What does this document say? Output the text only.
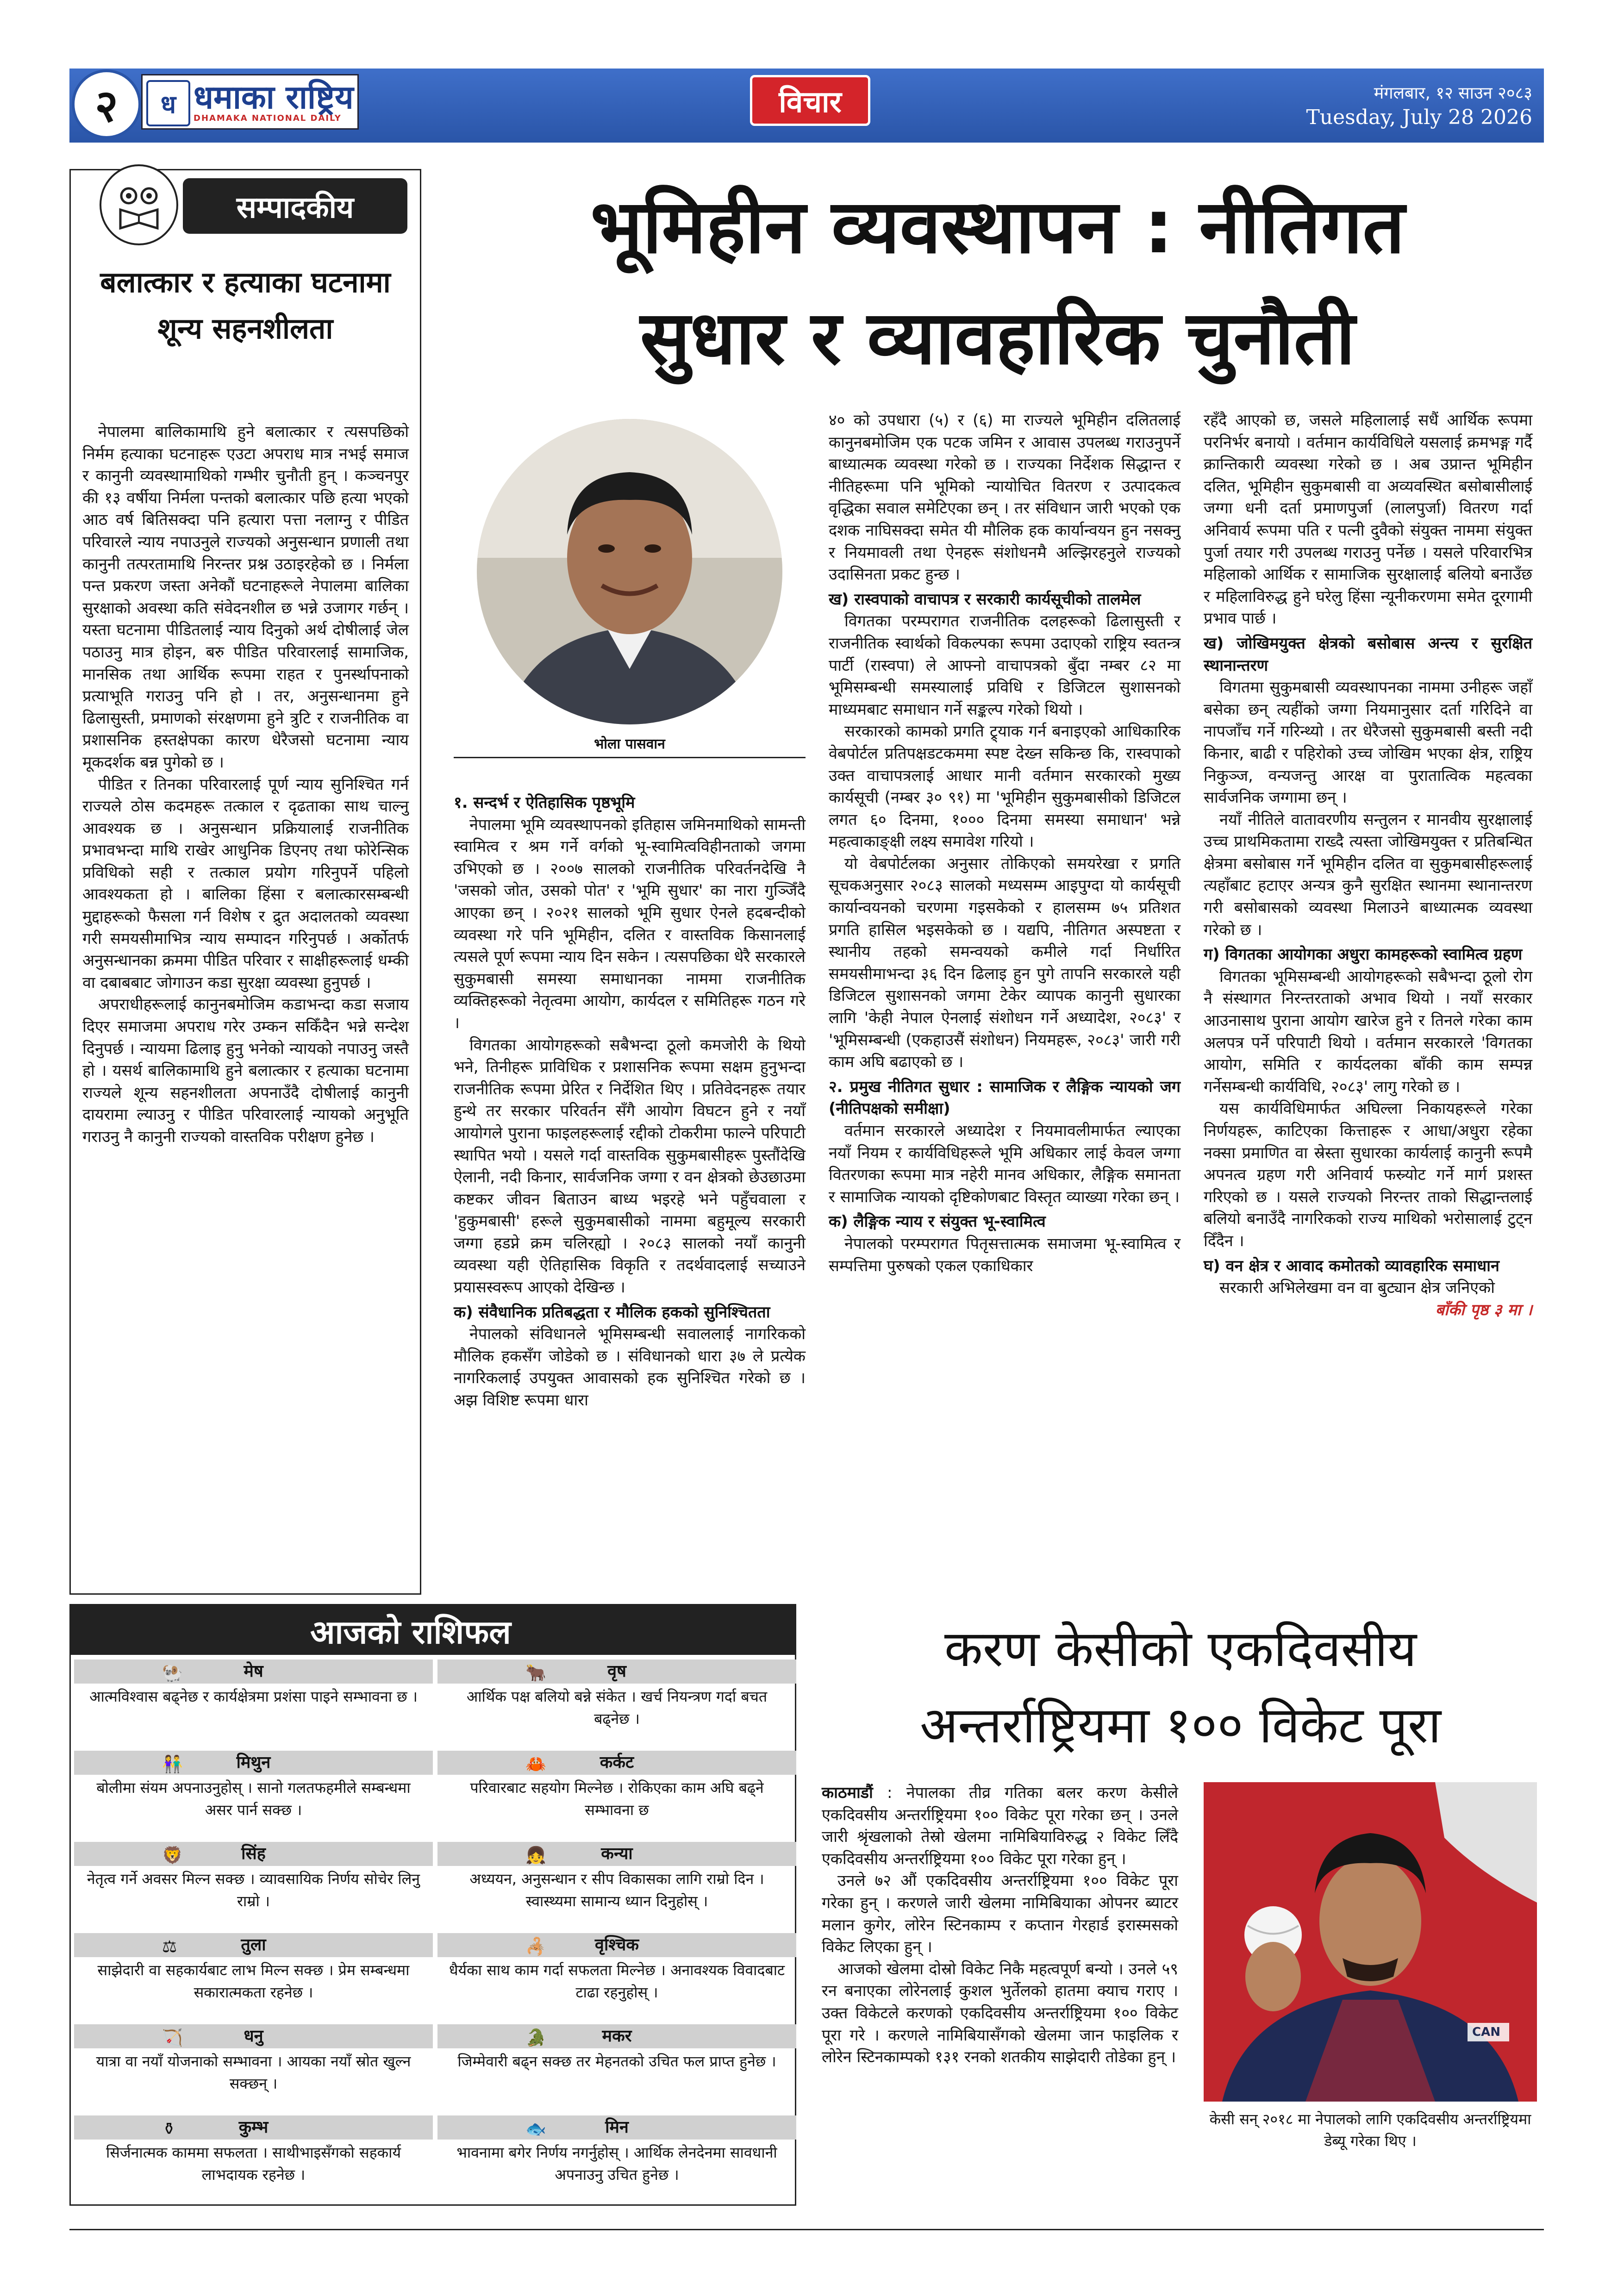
२	ध धमाका राष्ट्रिय
DHAMAKA NATIONAL DAILY	विचार	मंगलबार, १२ साउन २०८३
Tuesday, July 28 2026
सम्पादकीय
बलात्कार र हत्याका घटनामा शून्य सहनशीलता

नेपालमा बालिकामाथि हुने बलात्कार र त्यसपछिको निर्मम हत्याका घटनाहरू एउटा अपराध मात्र नभई समाज र कानुनी व्यवस्थामाथिको गम्भीर चुनौती हुन् । कञ्चनपुर की १३ वर्षीया निर्मला पन्तको बलात्कार पछि हत्या भएको आठ वर्ष बितिसक्दा पनि हत्यारा पत्ता नलाग्नु र पीडित परिवारले न्याय नपाउनुले राज्यको अनुसन्धान प्रणाली तथा कानुनी तत्परतामाथि निरन्तर प्रश्न उठाइरहेको छ । निर्मला पन्त प्रकरण जस्ता अनेकौं घटनाहरूले नेपालमा बालिका सुरक्षाको अवस्था कति संवेदनशील छ भन्ने उजागर गर्छन् । यस्ता घटनामा पीडितलाई न्याय दिनुको अर्थ दोषीलाई जेल पठाउनु मात्र होइन, बरु पीडित परिवारलाई सामाजिक, मानसिक तथा आर्थिक रूपमा राहत र पुनर्स्थापनाको प्रत्याभूति गराउनु पनि हो । तर, अनुसन्धानमा हुने ढिलासुस्ती, प्रमाणको संरक्षणमा हुने त्रुटि र राजनीतिक वा प्रशासनिक हस्तक्षेपका कारण धेरैजसो घटनामा न्याय मूकदर्शक बन्न पुगेको छ ।

पीडित र तिनका परिवारलाई पूर्ण न्याय सुनिश्चित गर्न राज्यले ठोस कदमहरू तत्काल र दृढताका साथ चाल्नु आवश्यक छ । अनुसन्धान प्रक्रियालाई राजनीतिक प्रभावभन्दा माथि राखेर आधुनिक डिएनए तथा फोरेन्सिक प्रविधिको सही र तत्काल प्रयोग गरिनुपर्ने पहिलो आवश्यकता हो । बालिका हिंसा र बलात्कारसम्बन्धी मुद्दाहरूको फैसला गर्न विशेष र द्रुत अदालतको व्यवस्था गरी समयसीमाभित्र न्याय सम्पादन गरिनुपर्छ । अर्कोतर्फ अनुसन्धानका क्रममा पीडित परिवार र साक्षीहरूलाई धम्की वा दबाबबाट जोगाउन कडा सुरक्षा व्यवस्था हुनुपर्छ ।

अपराधीहरूलाई कानुनबमोजिम कडाभन्दा कडा सजाय दिएर समाजमा अपराध गरेर उम्कन सकिँदैन भन्ने सन्देश दिनुपर्छ । न्यायमा ढिलाइ हुनु भनेको न्यायको नपाउनु जस्तै हो । यसर्थ बालिकामाथि हुने बलात्कार र हत्याका घटनामा राज्यले शून्य सहनशीलता अपनाउँदै दोषीलाई कानुनी दायरामा ल्याउनु र पीडित परिवारलाई न्यायको अनुभूति गराउनु नै कानुनी राज्यको वास्तविक परीक्षण हुनेछ ।

भूमिहीन व्यवस्थापन : नीतिगत
सुधार र व्यावहारिक चुनौती
भोला पासवान

१. सन्दर्भ र ऐतिहासिक पृष्ठभूमि

नेपालमा भूमि व्यवस्थापनको इतिहास जमिनमाथिको सामन्ती स्वामित्व र श्रम गर्ने वर्गको भू-स्वामित्वविहीनताको जगमा उभिएको छ । २००७ सालको राजनीतिक परिवर्तनदेखि नै 'जसको जोत, उसको पोत' र 'भूमि सुधार' का नारा गुञ्जिँदै आएका छन् । २०२१ सालको भूमि सुधार ऐनले हदबन्दीको व्यवस्था गरे पनि भूमिहीन, दलित र वास्तविक किसानलाई त्यसले पूर्ण रूपमा न्याय दिन सकेन । त्यसपछिका धेरै सरकारले सुकुमबासी समस्या समाधानका नाममा राजनीतिक व्यक्तिहरूको नेतृत्वमा आयोग, कार्यदल र समितिहरू गठन गरे ।

विगतका आयोगहरूको सबैभन्दा ठूलो कमजोरी के थियो भने, तिनीहरू प्राविधिक र प्रशासनिक रूपमा सक्षम हुनुभन्दा राजनीतिक रूपमा प्रेरित र निर्देशित थिए । प्रतिवेदनहरू तयार हुन्थे तर सरकार परिवर्तन सँगै आयोग विघटन हुने र नयाँ आयोगले पुराना फाइलहरूलाई रद्दीको टोकरीमा फाल्ने परिपाटी स्थापित भयो । यसले गर्दा वास्तविक सुकुमबासीहरू पुस्तौंदेखि ऐलानी, नदी किनार, सार्वजनिक जग्गा र वन क्षेत्रको छेउछाउमा कष्टकर जीवन बिताउन बाध्य भइरहे भने पहुँचवाला र 'हुकुमबासी' हरूले सुकुमबासीको नाममा बहुमूल्य सरकारी जग्गा हडप्ने क्रम चलिरह्यो । २०८३ सालको नयाँ कानुनी व्यवस्था यही ऐतिहासिक विकृति र तदर्थवादलाई सच्याउने प्रयासस्वरूप आएको देखिन्छ ।

क) संवैधानिक प्रतिबद्धता र मौलिक हकको सुनिश्चितता

नेपालको संविधानले भूमिसम्बन्धी सवाललाई नागरिकको मौलिक हकसँग जोडेको छ । संविधानको धारा ३७ ले प्रत्येक नागरिकलाई उपयुक्त आवासको हक सुनिश्चित गरेको छ । अझ विशिष्ट रूपमा धारा

४० को उपधारा (५) र (६) मा राज्यले भूमिहीन दलितलाई कानुनबमोजिम एक पटक जमिन र आवास उपलब्ध गराउनुपर्ने बाध्यात्मक व्यवस्था गरेको छ । राज्यका निर्देशक सिद्धान्त र नीतिहरूमा पनि भूमिको न्यायोचित वितरण र उत्पादकत्व वृद्धिका सवाल समेटिएका छन् । तर संविधान जारी भएको एक दशक नाघिसक्दा समेत यी मौलिक हक कार्यान्वयन हुन नसक्नु र नियमावली तथा ऐनहरू संशोधनमै अल्झिरहनुले राज्यको उदासिनता प्रकट हुन्छ ।

ख) रास्वपाको वाचापत्र र सरकारी कार्यसूचीको तालमेल

विगतका परम्परागत राजनीतिक दलहरूको ढिलासुस्ती र राजनीतिक स्वार्थको विकल्पका रूपमा उदाएको राष्ट्रिय स्वतन्त्र पार्टी (रास्वपा) ले आफ्नो वाचापत्रको बुँदा नम्बर ८२ मा भूमिसम्बन्धी समस्यालाई प्रविधि र डिजिटल सुशासनको माध्यमबाट समाधान गर्ने सङ्कल्प गरेको थियो ।

सरकारको कामको प्रगति ट्र्याक गर्न बनाइएको आधिकारिक वेबपोर्टल प्रतिपक्षडटकममा स्पष्ट देख्न सकिन्छ कि, रास्वपाको उक्त वाचापत्रलाई आधार मानी वर्तमान सरकारको मुख्य कार्यसूची (नम्बर ३० ९१) मा 'भूमिहीन सुकुमबासीको डिजिटल लगत ६० दिनमा, १००० दिनमा समस्या समाधान' भन्ने महत्वाकाङ्क्षी लक्ष्य समावेश गरियो ।

यो वेबपोर्टलका अनुसार तोकिएको समयरेखा र प्रगति सूचकअनुसार २०८३ सालको मध्यसम्म आइपुग्दा यो कार्यसूची कार्यान्वयनको चरणमा गइसकेको र हालसम्म ७५ प्रतिशत प्रगति हासिल भइसकेको छ । यद्यपि, नीतिगत अस्पष्टता र स्थानीय तहको समन्वयको कमीले गर्दा निर्धारित समयसीमाभन्दा ३६ दिन ढिलाइ हुन पुगे तापनि सरकारले यही डिजिटल सुशासनको जगमा टेकेर व्यापक कानुनी सुधारका लागि 'केही नेपाल ऐनलाई संशोधन गर्ने अध्यादेश, २०८३' र 'भूमिसम्बन्धी (एकहाउसैं संशोधन) नियमहरू, २०८३' जारी गरी काम अघि बढाएको छ ।

२. प्रमुख नीतिगत सुधार : सामाजिक र लैङ्गिक न्यायको जग (नीतिपक्षको समीक्षा)

वर्तमान सरकारले अध्यादेश र नियमावलीमार्फत ल्याएका नयाँ नियम र कार्यविधिहरूले भूमि अधिकार लाई केवल जग्गा वितरणका रूपमा मात्र नहेरी मानव अधिकार, लैङ्गिक समानता र सामाजिक न्यायको दृष्टिकोणबाट विस्तृत व्याख्या गरेका छन् ।

क) लैङ्गिक न्याय र संयुक्त भू-स्वामित्व

नेपालको परम्परागत पितृसत्तात्मक समाजमा भू-स्वामित्व र सम्पत्तिमा पुरुषको एकल एकाधिकार

रहँदै आएको छ, जसले महिलालाई सधैं आर्थिक रूपमा परनिर्भर बनायो । वर्तमान कार्यविधिले यसलाई क्रमभङ्ग गर्दै क्रान्तिकारी व्यवस्था गरेको छ । अब उप्रान्त भूमिहीन दलित, भूमिहीन सुकुमबासी वा अव्यवस्थित बसोबासीलाई जग्गा धनी दर्ता प्रमाणपुर्जा (लालपुर्जा) वितरण गर्दा अनिवार्य रूपमा पति र पत्नी दुवैको संयुक्त नाममा संयुक्त पुर्जा तयार गरी उपलब्ध गराउनु पर्नेछ । यसले परिवारभित्र महिलाको आर्थिक र सामाजिक सुरक्षालाई बलियो बनाउँछ र महिलाविरुद्ध हुने घरेलु हिंसा न्यूनीकरणमा समेत दूरगामी प्रभाव पार्छ ।

ख) जोखिमयुक्त क्षेत्रको बसोबास अन्त्य र सुरक्षित स्थानान्तरण

विगतमा सुकुमबासी व्यवस्थापनका नाममा उनीहरू जहाँ बसेका छन् त्यहींको जग्गा नियमानुसार दर्ता गरिदिने वा नापजाँच गर्ने गरिन्थ्यो । तर धेरैजसो सुकुमबासी बस्ती नदी किनार, बाढी र पहिरोको उच्च जोखिम भएका क्षेत्र, राष्ट्रिय निकुञ्ज, वन्यजन्तु आरक्ष वा पुरातात्विक महत्वका सार्वजनिक जग्गामा छन् ।

नयाँ नीतिले वातावरणीय सन्तुलन र मानवीय सुरक्षालाई उच्च प्राथमिकतामा राख्दै त्यस्ता जोखिमयुक्त र प्रतिबन्धित क्षेत्रमा बसोबास गर्ने भूमिहीन दलित वा सुकुमबासीहरूलाई त्यहाँबाट हटाएर अन्यत्र कुनै सुरक्षित स्थानमा स्थानान्तरण गरी बसोबासको व्यवस्था मिलाउने बाध्यात्मक व्यवस्था गरेको छ ।

ग) विगतका आयोगका अधुरा कामहरूको स्वामित्व ग्रहण

विगतका भूमिसम्बन्धी आयोगहरूको सबैभन्दा ठूलो रोग नै संस्थागत निरन्तरताको अभाव थियो । नयाँ सरकार आउनासाथ पुराना आयोग खारेज हुने र तिनले गरेका काम अलपत्र पर्ने परिपाटी थियो । वर्तमान सरकारले 'विगतका आयोग, समिति र कार्यदलका बाँकी काम सम्पन्न गर्नेसम्बन्धी कार्यविधि, २०८३' लागु गरेको छ ।

यस कार्यविधिमार्फत अघिल्ला निकायहरूले गरेका निर्णयहरू, काटिएका कित्ताहरू र आधा/अधुरा रहेका नक्सा प्रमाणित वा स्रेस्ता सुधारका कार्यलाई कानुनी रूपमै अपनत्व ग्रहण गरी अनिवार्य फस्र्योट गर्ने मार्ग प्रशस्त गरिएको छ । यसले राज्यको निरन्तर ताको सिद्धान्तलाई बलियो बनाउँदै नागरिकको राज्य माथिको भरोसालाई टुट्न दिँदैन ।

घ) वन क्षेत्र र आवाद कमोतको व्यावहारिक समाधान

सरकारी अभिलेखमा वन वा बुट्यान क्षेत्र जनिएको

बाँकी पृष्ठ ३ मा ।

आजको राशिफल
🐏	मेष
आत्मविश्वास बढ्नेछ र कार्यक्षेत्रमा प्रशंसा पाइने सम्भावना छ ।
🐂	वृष
आर्थिक पक्ष बलियो बन्ने संकेत । खर्च नियन्त्रण गर्दा बचत बढ्नेछ ।
👫	मिथुन
बोलीमा संयम अपनाउनुहोस् । सानो गलतफहमीले सम्बन्धमा असर पार्न सक्छ ।
🦀	कर्कट
परिवारबाट सहयोग मिल्नेछ । रोकिएका काम अघि बढ्ने सम्भावना छ
🦁	सिंह
नेतृत्व गर्ने अवसर मिल्न सक्छ । व्यावसायिक निर्णय सोचेर लिनु राम्रो ।
👧	कन्या
अध्ययन, अनुसन्धान र सीप विकासका लागि राम्रो दिन । स्वास्थ्यमा सामान्य ध्यान दिनुहोस् ।
⚖	तुला
साझेदारी वा सहकार्यबाट लाभ मिल्न सक्छ । प्रेम सम्बन्धमा सकारात्मकता रहनेछ ।
🦂	वृश्चिक
धैर्यका साथ काम गर्दा सफलता मिल्नेछ । अनावश्यक विवादबाट टाढा रहनुहोस् ।
🏹	धनु
यात्रा वा नयाँ योजनाको सम्भावना । आयका नयाँ स्रोत खुल्न सक्छन् ।
🐊	मकर
जिम्मेवारी बढ्न सक्छ तर मेहनतको उचित फल प्राप्त हुनेछ ।
⚱	कुम्भ
सिर्जनात्मक काममा सफलता । साथीभाइसँगको सहकार्य लाभदायक रहनेछ ।
🐟	मिन
भावनामा बगेर निर्णय नगर्नुहोस् । आर्थिक लेनदेनमा सावधानी अपनाउनु उचित हुनेछ ।
करण केसीको एकदिवसीय
अन्तर्राष्ट्रियमा १०० विकेट पूरा

काठमाडौं : नेपालका तीव्र गतिका बलर करण केसीले एकदिवसीय अन्तर्राष्ट्रियमा १०० विकेट पूरा गरेका छन् । उनले जारी श्रृंखलाको तेस्रो खेलमा नामिबियाविरुद्ध २ विकेट लिँदै एकदिवसीय अन्तर्राष्ट्रियमा १०० विकेट पूरा गरेका हुन् ।

उनले ७२ औं एकदिवसीय अन्तर्राष्ट्रियमा १०० विकेट पूरा गरेका हुन् । करणले जारी खेलमा नामिबियाका ओपनर ब्याटर मलान कुगेर, लोरेन स्टिनकाम्प र कप्तान गेरहार्ड इरास्मसको विकेट लिएका हुन् ।

आजको खेलमा दोस्रो विकेट निकै महत्वपूर्ण बन्यो । उनले ५९ रन बनाएका लोरेनलाई कुशल भुर्तेलको हातमा क्याच गराए । उक्त विकेटले करणको एकदिवसीय अन्तर्राष्ट्रियमा १०० विकेट पूरा गरे । करणले नामिबियासँगको खेलमा जान फाइलिक र लोरेन स्टिनकाम्पको १३१ रनको शतकीय साझेदारी तोडेका हुन् ।

CAN
केसी सन् २०१८ मा नेपालको लागि एकदिवसीय अन्तर्राष्ट्रियमा डेब्यू गरेका थिए ।
